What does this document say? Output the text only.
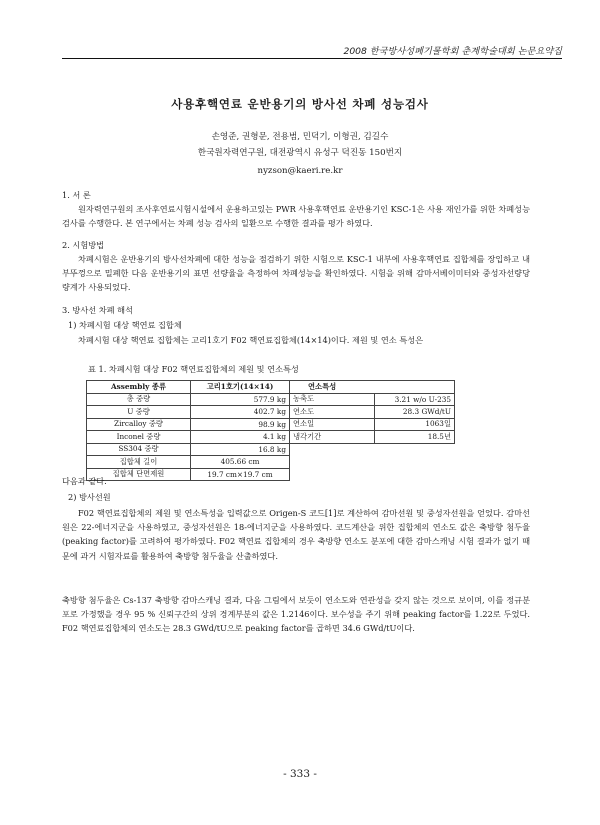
2008 한국방사성폐기물학회 춘계학술대회 논문요약집
사용후핵연료 운반용기의 방사선 차폐 성능검사
손영준, 권형문, 전용범, 민덕기, 이형권, 김길수
한국원자력연구원, 대전광역시 유성구 덕진동 150번지
nyzson@kaeri.re.kr
1. 서 론
원자력연구원의 조사후연료시험시설에서 운용하고있는 PWR 사용후핵연료 운반용기인 KSC-1은 사용 재인가를 위한 차폐성능 검사를 수행한다. 본 연구에서는 차폐 성능 검사의 일환으로 수행한 결과를 평가 하였다.
2. 시험방법
차폐시험은 운반용기의 방사선차폐에 대한 성능을 점검하기 위한 시험으로 KSC-1 내부에 사용후핵연료 집합체를 장입하고 내부뚜껑으로 밀폐한 다음 운반용기의 표면 선량율을 측정하여 차폐성능을 확인하였다. 시험을 위해 감마서베이미터와 중성자선량당량계가 사용되었다.
3. 방사선 차폐 해석
1) 차폐시험 대상 핵연료 집합체
차폐시험 대상 핵연료 집합체는 고리1호기 F02 핵연료집합체(14×14)이다. 제원 및 연소 특성은
표 1. 차폐시험 대상 F02 핵연료집합체의 제원 및 연소특성
Assembly 종류	고리1호기(14×14)	연소특성	
총 중량	577.9 kg	농축도	3.21 w/o U-235
U 중량	402.7 kg	연소도	28.3 GWd/tU
Zircalloy 중량	98.9 kg	연소일	1063일
Inconel 중량	4.1 kg	냉각기간	18.5년
SS304 중량	16.8 kg		
집합체 길이	405.66 cm		
집합체 단면제원	19.7 cm×19.7 cm		
다음과 같다.
2) 방사선원
F02 핵연료집합체의 제원 및 연소특성을 입력값으로 Origen-S 코드[1]로 계산하여 감마선원 및 중성자선원을 얻었다. 감마선원은 22-에너지군을 사용하였고, 중성자선원은 18-에너지군을 사용하였다. 코드계산을 위한 집합체의 연소도 값은 축방향 첨두율(peaking factor)를 고려하여 평가하였다. F02 핵연료 집합체의 경우 축방향 연소도 분포에 대한 감마스캐닝 시험 결과가 없기 때문에 과거 시험자료를 활용하여 축방향 첨두율을 산출하였다.
축방향 첨두율은 Cs-137 축방향 감마스캐닝 결과, 다음 그림에서 보듯이 연소도와 연관성을 갖지 않는 것으로 보이며, 이를 정규분포로 가정했을 경우 95 % 신뢰구간의 상위 경계부분의 값은 1.2146이다. 보수성을 주기 위해 peaking factor를 1.22로 두었다. F02 핵연료집합체의 연소도는 28.3 GWd/tU으로 peaking factor를 곱하면 34.6 GWd/tU이다.
- 333 -
